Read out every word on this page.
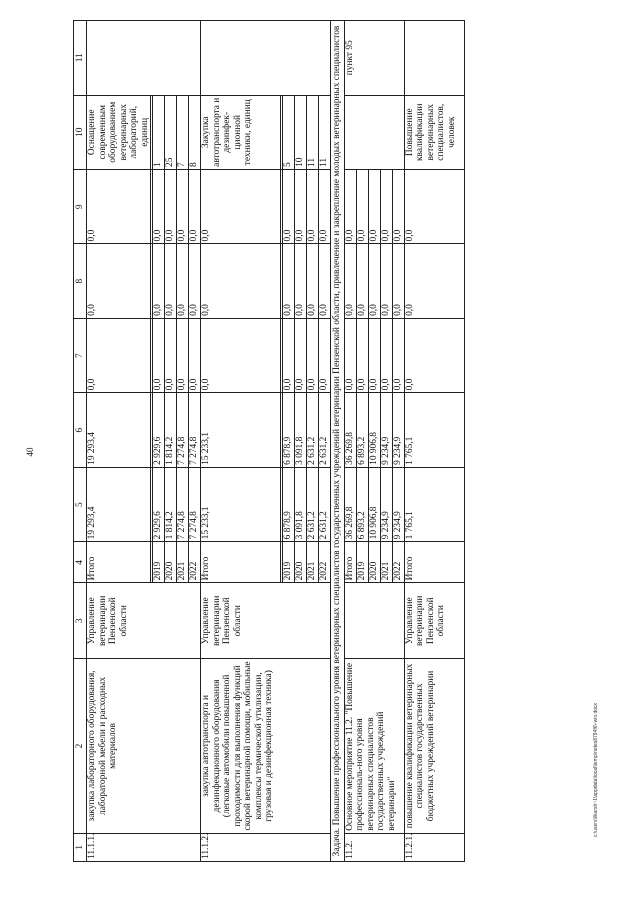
40
c:\users\likarsh~1\appdata\local\temp\notes8794f6\-win.docx
1	2	3	4	5	6	7	8	9	10	11
11.1.1.	закупка лабораторного оборудования, лабораторной мебели и расходных материалов	Управление ветеринарии Пензенской области	Итого	19 293,4	19 293,4	0,0	0,0	0,0	Оснащение современным оборудованием ветеринарных лабораторий, единиц	

			2019	2 929,6	2 929,6	0,0	0,0	0,0	1	
			2020	1 814,2	1 814,2	0,0	0,0	0,0	25	
			2021	7 274,8	7 274,8	0,0	0,0	0,0	7	
			2022	7 274,8	7 274,8	0,0	0,0	0,0	8	
11.1.2.	закупка автотранспорта и дезинфекционного оборудования (легковые автомобили повышенной проходимости для выполнения функций скорой ветеринарной помощи, мобильные комплексы термической утилизации, грузовая и дезинфекционная техника)	Управление ветеринарии Пензенской области	Итого	15 233,1	15 233,1	0,0	0,0	0,0	Закупка автотранспорта и дезинфек-ционной техники, единиц	

			2019	6 878,9	6 878,9	0,0	0,0	0,0	5	
			2020	3 091,8	3 091,8	0,0	0,0	0,0	10	
			2021	2 631,2	2 631,2	0,0	0,0	0,0	11	
			2022	2 631,2	2 631,2	0,0	0,0	0,0	11	
Задача. Повышение профессионального уровня ветеринарных специалистов государственных учреждений ветеринарии Пензенской области, привлечение и закрепление молодых ветеринарных специалистов										
11.2.	Основное мероприятие 11.2. "Повышение профессиональ-ного уровня ветеринарных специалистов государственных учреждений ветеринарии"		Итого	36 269,8	36 269,8	0,0	0,0	0,0		пункт 95
			2019	6 893,2	6 893,2	0,0	0,0	0,0		
			2020	10 906,8	10 906,8	0,0	0,0	0,0		
			2021	9 234,9	9 234,9	0,0	0,0	0,0		
			2022	9 234,9	9 234,9	0,0	0,0	0,0		
11.2.1.	повышение квалификации ветеринарных специалистов государственных бюджетных учреждений ветеринарии	Управление ветеринарии Пензенской области	Итого	1 765,1	1 765,1	0,0	0,0	0,0	Повышение квалификации ветеринарных специалистов, человек	
